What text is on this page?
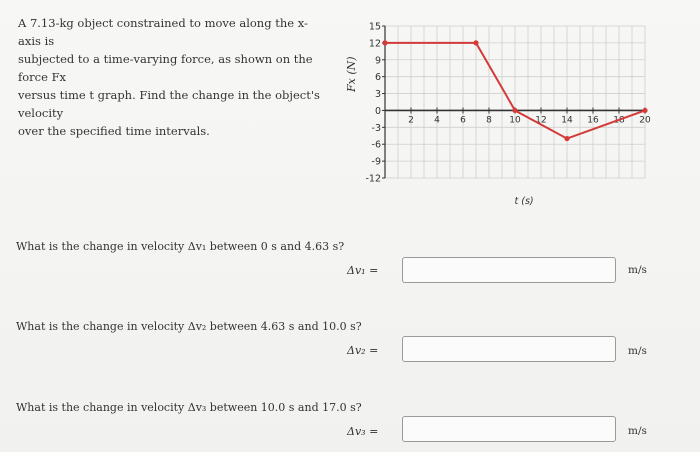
A 7.13-kg object constrained to move along the x-axis is
subjected to a time-varying force, as shown on the force Fx
versus time t graph. Find the change in the object's velocity
over the specified time intervals.
Fx (N)
15
12
9
6
3
0
-3
-6
-9
-12
2 4 6 8 10 12 14 16 18 20
t (s)
What is the change in velocity Δv₁ between 0 s and 4.63 s?
Δv₁ =	m/s
What is the change in velocity Δv₂ between 4.63 s and 10.0 s?
Δv₂ =	m/s
What is the change in velocity Δv₃ between 10.0 s and 17.0 s?
Δv₃ =	m/s
